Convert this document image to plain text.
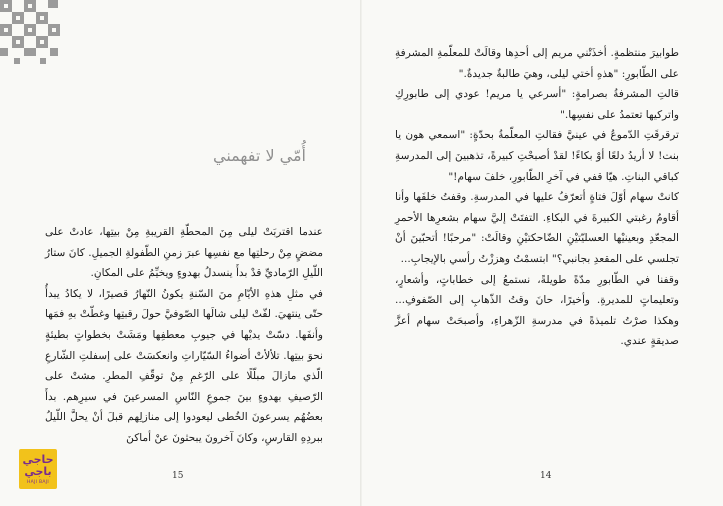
أُمّي لا تفهمني

عندما اقتربَتْ ليلى مِنَ المحطّةِ القريبةِ مِنْ بيتِها، عادتْ على مضضٍ مِنْ رحلتِها مع نفسِها عبرَ زمنِ الطّفولةِ الجميلِ. كانَ ستارُ اللّيلِ الرّماديِّ قدْ بدأَ ينسدلُ بهدوءٍ ويخيِّمُ على المكانِ.

في مثلِ هذهِ الأيّامِ منَ السّنةِ يكونُ النّهارُ قصيرًا، لا يكادُ يبدأُ حتّى ينتهيَ. لفّتْ ليلى شالَها الصّوفيَّ حولَ رقبتِها وغطّتْ بهِ فمَها وأنفَها. دسّتْ يديْها في جيوبِ معطفِها ومَشَتْ بخطواتٍ بطيئةٍ نحوَ بيتِها. تلألأتْ أضواءُ السّيّاراتِ وانعكسَتْ على إسفلتِ الشّارعِ الّذي مازالَ مبلّلًا على الرّغمِ مِنْ توقّفِ المطرِ. مشتْ على الرّصيفِ بهدوءٍ بينَ جموعِ النّاسِ المسرعينَ في سيرِهم. بدأَ بعضُهُم يسرعونَ الخُطى ليعودوا إلى منازلِهم قبلَ أنْ يحلَّ اللّيلُ ببردِهِ القارسِ، وكانَ آخرونَ يبحثونَ عنْ أماكنَ

حاجي باجي
HAJI BAJI
15	14

طوابيرَ منتظمةٍ. أخذَتْني مريم إلى أحدِها وقالَتْ للمعلّمةِ المشرفةِ على الطّابورِ: "هذهِ أختي ليلى، وهيَ طالبةٌ جديدةٌ."

قالتِ المشرفةُ بصرامةٍ: "أسرعي يا مريم! عودي إلى طابورِكِ واتركيها تعتمدُ على نفسِها."

ترقرقَتِ الدّموعُ في عينيَّ فقالتِ المعلّمةُ بحدّةٍ: "اسمعي هون يا بنت! لا أريدُ دلعًا أوْ بكاءً! لقدْ أصبحْتِ كبيرةً، تذهبينَ إلى المدرسةِ كباقي البناتِ. هيّا قفي في آخرِ الطّابورِ، خلفَ سهام!"

كانتْ سهام أوّلَ فتاةٍ أتعرّفُ عليها في المدرسةِ. وقفتُ خلفَها وأنا أقاومُ رغبتي الكبيرةَ في البكاءِ. التفتَتْ إليَّ سهام بشعرِها الأحمرِ المجعّدِ وبعينيْها العسليّتيْنِ الضّاحكتيْنِ وقالَتْ: "مرحبًا! أتحبّينَ أنْ تجلسي على المقعدِ بجانبي؟" ابتسمْتُ وهززْتُ رأسي بالإيجابِ...

وقفنا في الطّابورِ مدّةً طويلةً، نستمعُ إلى خطاباتٍ، وأشعارٍ، وتعليماتٍ للمديرةِ. وأخيرًا، حانَ وقتُ الذّهابِ إلى الصّفوفِ... وهكذا صرْتُ تلميذةً في مدرسةِ الزّهراءِ، وأصبحَتْ سهام أعزَّ صديقةٍ عندي.
